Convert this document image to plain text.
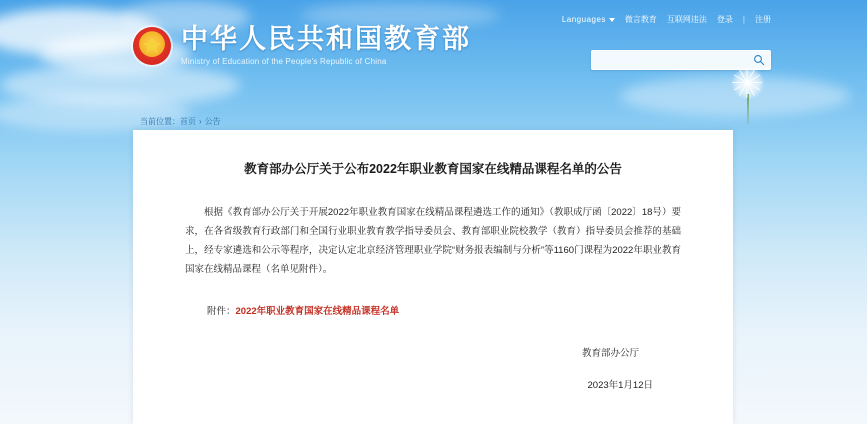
Languages 微言教育 互联网违法 登录 | 注册
中华人民共和国教育部
Ministry of Education of the People's Republic of China
当前位置：首页 › 公告
教育部办公厅关于公布2022年职业教育国家在线精品课程名单的公告

根据《教育部办公厅关于开展2022年职业教育国家在线精品课程遴选工作的通知》（教职成厅函〔2022〕18号）要求，在各省级教育行政部门和全国行业职业教育教学指导委员会、教育部职业院校教学（教育）指导委员会推荐的基础上，经专家遴选和公示等程序，决定认定北京经济管理职业学院“财务报表编制与分析”等1160门课程为2022年职业教育国家在线精品课程（名单见附件）。

附件：2022年职业教育国家在线精品课程名单
教育部办公厅
2023年1月12日
